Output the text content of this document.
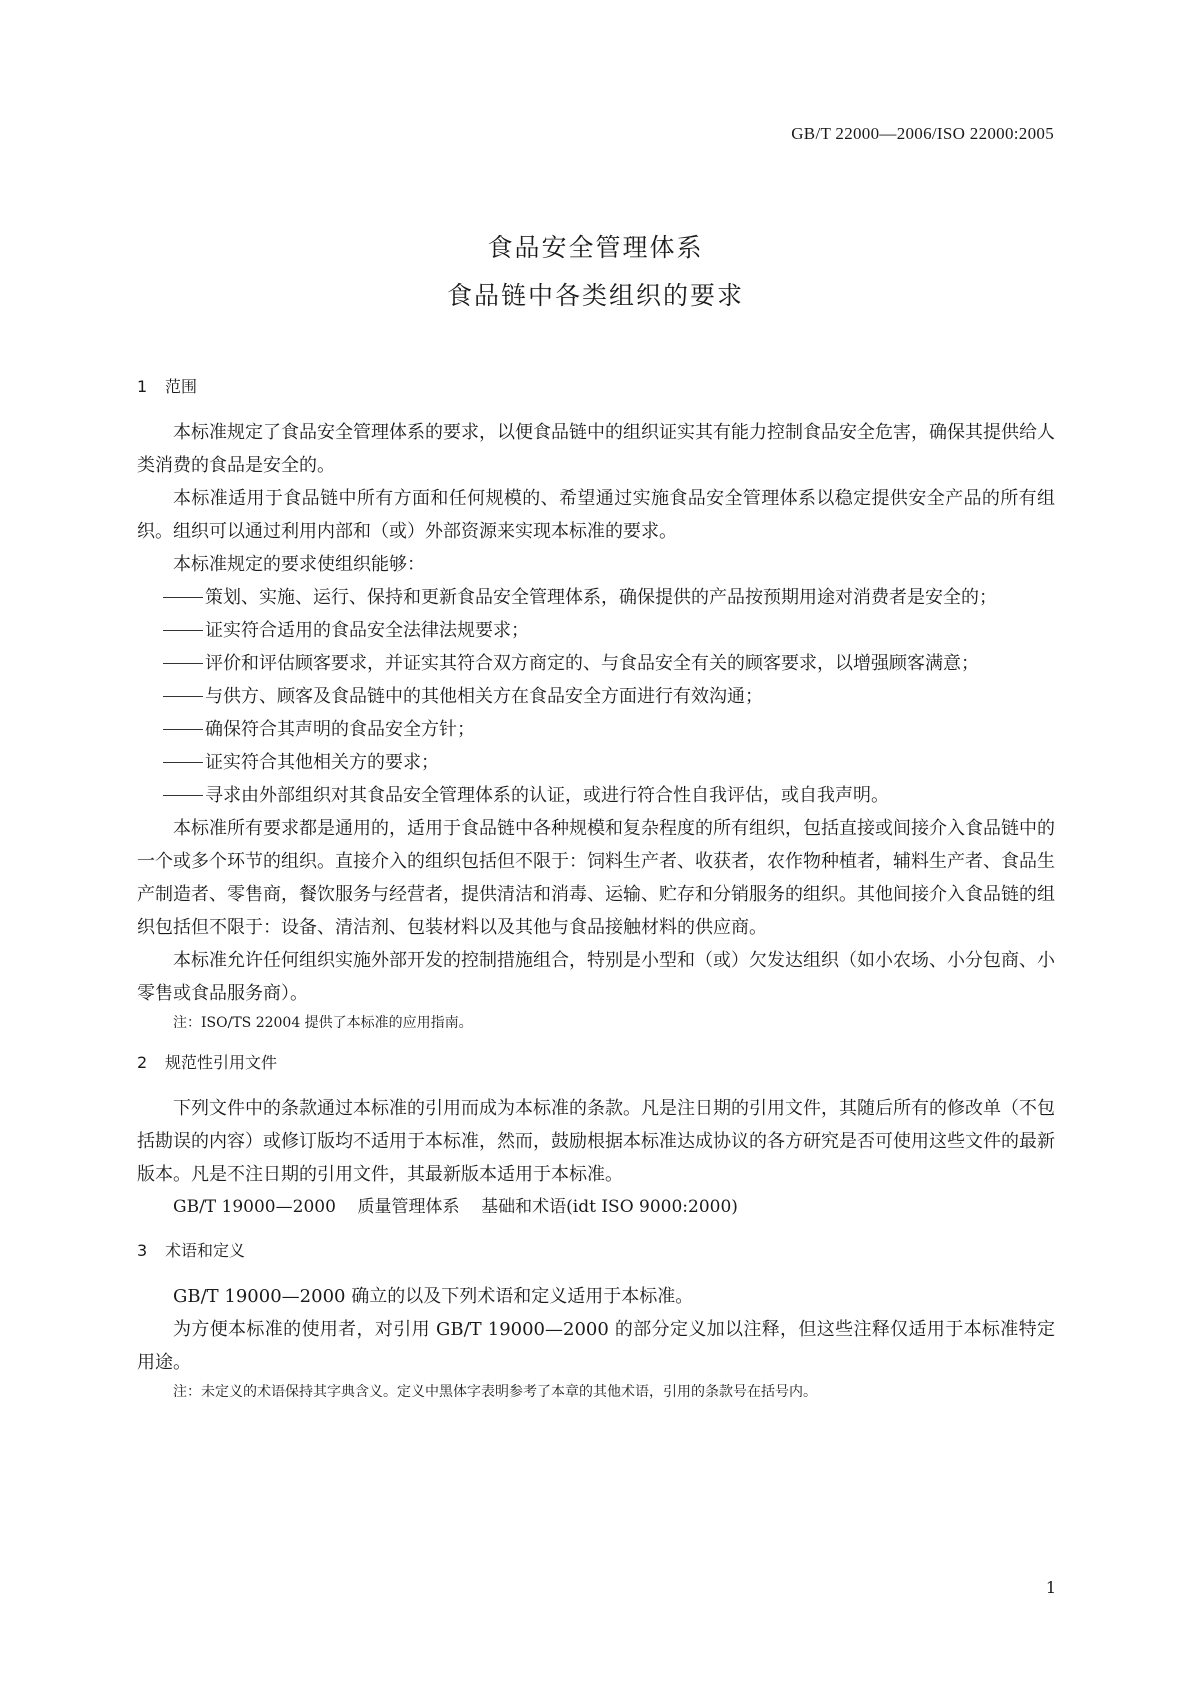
GB/T 22000—2006/ISO 22000:2005
食品安全管理体系
食品链中各类组织的要求
1 范围

本标准规定了食品安全管理体系的要求，以便食品链中的组织证实其有能力控制食品安全危害，确保其提供给人类消费的食品是安全的。

本标准适用于食品链中所有方面和任何规模的、希望通过实施食品安全管理体系以稳定提供安全产品的所有组织。组织可以通过利用内部和（或）外部资源来实现本标准的要求。

本标准规定的要求使组织能够：

策划、实施、运行、保持和更新食品安全管理体系，确保提供的产品按预期用途对消费者是安全的；

证实符合适用的食品安全法律法规要求；

评价和评估顾客要求，并证实其符合双方商定的、与食品安全有关的顾客要求，以增强顾客满意；

与供方、顾客及食品链中的其他相关方在食品安全方面进行有效沟通；

确保符合其声明的食品安全方针；

证实符合其他相关方的要求；

寻求由外部组织对其食品安全管理体系的认证，或进行符合性自我评估，或自我声明。

本标准所有要求都是通用的，适用于食品链中各种规模和复杂程度的所有组织，包括直接或间接介入食品链中的一个或多个环节的组织。直接介入的组织包括但不限于：饲料生产者、收获者，农作物种植者，辅料生产者、食品生产制造者、零售商，餐饮服务与经营者，提供清洁和消毒、运输、贮存和分销服务的组织。其他间接介入食品链的组织包括但不限于：设备、清洁剂、包装材料以及其他与食品接触材料的供应商。

本标准允许任何组织实施外部开发的控制措施组合，特别是小型和（或）欠发达组织（如小农场、小分包商、小零售或食品服务商）。

注：ISO/TS 22004 提供了本标准的应用指南。

2 规范性引用文件

下列文件中的条款通过本标准的引用而成为本标准的条款。凡是注日期的引用文件，其随后所有的修改单（不包括勘误的内容）或修订版均不适用于本标准，然而，鼓励根据本标准达成协议的各方研究是否可使用这些文件的最新版本。凡是不注日期的引用文件，其最新版本适用于本标准。

GB/T 19000—2000 质量管理体系 基础和术语(idt ISO 9000:2000)

3 术语和定义

GB/T 19000—2000 确立的以及下列术语和定义适用于本标准。

为方便本标准的使用者，对引用 GB/T 19000—2000 的部分定义加以注释，但这些注释仅适用于本标准特定用途。

注：未定义的术语保持其字典含义。定义中黑体字表明参考了本章的其他术语，引用的条款号在括号内。

1
